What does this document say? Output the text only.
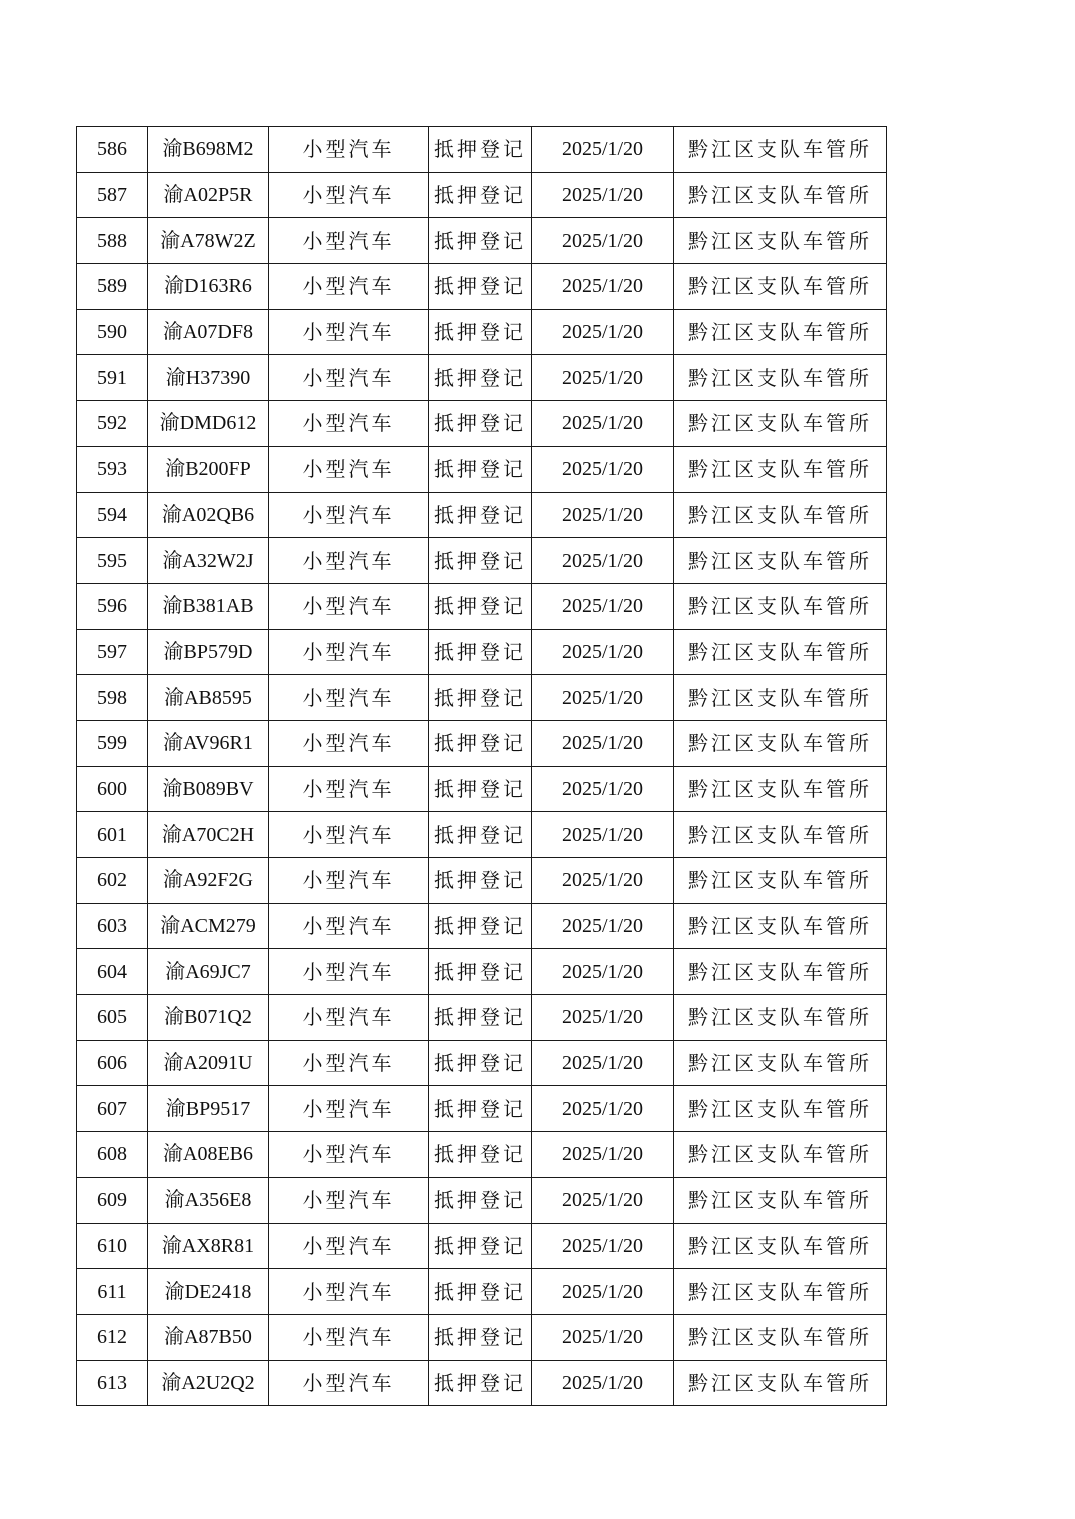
586	渝B698M2	小型汽车	抵押登记	2025/1/20	黔江区支队车管所
587	渝A02P5R	小型汽车	抵押登记	2025/1/20	黔江区支队车管所
588	渝A78W2Z	小型汽车	抵押登记	2025/1/20	黔江区支队车管所
589	渝D163R6	小型汽车	抵押登记	2025/1/20	黔江区支队车管所
590	渝A07DF8	小型汽车	抵押登记	2025/1/20	黔江区支队车管所
591	渝H37390	小型汽车	抵押登记	2025/1/20	黔江区支队车管所
592	渝DMD612	小型汽车	抵押登记	2025/1/20	黔江区支队车管所
593	渝B200FP	小型汽车	抵押登记	2025/1/20	黔江区支队车管所
594	渝A02QB6	小型汽车	抵押登记	2025/1/20	黔江区支队车管所
595	渝A32W2J	小型汽车	抵押登记	2025/1/20	黔江区支队车管所
596	渝B381AB	小型汽车	抵押登记	2025/1/20	黔江区支队车管所
597	渝BP579D	小型汽车	抵押登记	2025/1/20	黔江区支队车管所
598	渝AB8595	小型汽车	抵押登记	2025/1/20	黔江区支队车管所
599	渝AV96R1	小型汽车	抵押登记	2025/1/20	黔江区支队车管所
600	渝B089BV	小型汽车	抵押登记	2025/1/20	黔江区支队车管所
601	渝A70C2H	小型汽车	抵押登记	2025/1/20	黔江区支队车管所
602	渝A92F2G	小型汽车	抵押登记	2025/1/20	黔江区支队车管所
603	渝ACM279	小型汽车	抵押登记	2025/1/20	黔江区支队车管所
604	渝A69JC7	小型汽车	抵押登记	2025/1/20	黔江区支队车管所
605	渝B071Q2	小型汽车	抵押登记	2025/1/20	黔江区支队车管所
606	渝A2091U	小型汽车	抵押登记	2025/1/20	黔江区支队车管所
607	渝BP9517	小型汽车	抵押登记	2025/1/20	黔江区支队车管所
608	渝A08EB6	小型汽车	抵押登记	2025/1/20	黔江区支队车管所
609	渝A356E8	小型汽车	抵押登记	2025/1/20	黔江区支队车管所
610	渝AX8R81	小型汽车	抵押登记	2025/1/20	黔江区支队车管所
611	渝DE2418	小型汽车	抵押登记	2025/1/20	黔江区支队车管所
612	渝A87B50	小型汽车	抵押登记	2025/1/20	黔江区支队车管所
613	渝A2U2Q2	小型汽车	抵押登记	2025/1/20	黔江区支队车管所
